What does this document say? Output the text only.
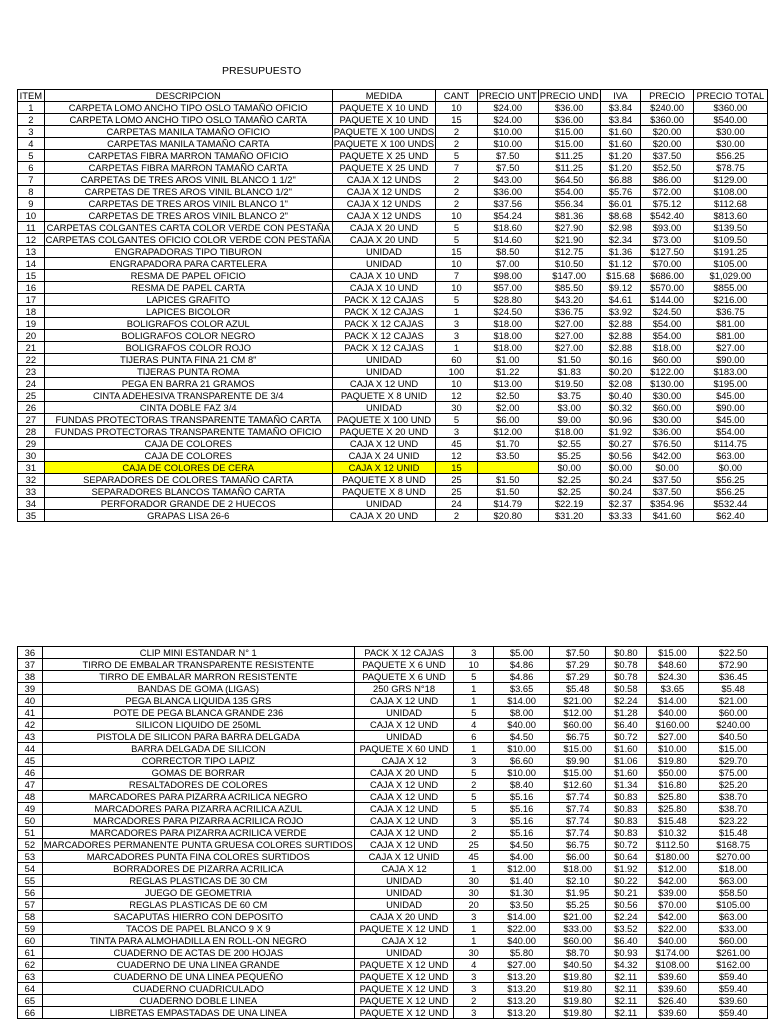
PRESUPUESTO
ITEM	DESCRIPCION	MEDIDA	CANT	PRECIO UNT	PRECIO UND	IVA	PRECIO	PRECIO TOTAL
1	CARPETA LOMO ANCHO TIPO OSLO TAMAÑO OFICIO	PAQUETE X 10 UND	10	$24.00	$36.00	$3.84	$240.00	$360.00
2	CARPETA LOMO ANCHO TIPO OSLO TAMAÑO CARTA	PAQUETE X 10 UND	15	$24.00	$36.00	$3.84	$360.00	$540.00
3	CARPETAS MANILA TAMAÑO OFICIO	PAQUETE X 100 UNDS	2	$10.00	$15.00	$1.60	$20.00	$30.00
4	CARPETAS MANILA TAMAÑO CARTA	PAQUETE X 100 UNDS	2	$10.00	$15.00	$1.60	$20.00	$30.00
5	CARPETAS FIBRA MARRON TAMAÑO OFICIO	PAQUETE X 25 UND	5	$7.50	$11.25	$1.20	$37.50	$56.25
6	CARPETAS FIBRA MARRON TAMAÑO CARTA	PAQUETE X 25 UND	7	$7.50	$11.25	$1.20	$52.50	$78.75
7	CARPETAS DE TRES AROS VINIL BLANCO 1 1/2"	CAJA X 12 UNDS	2	$43.00	$64.50	$6.88	$86.00	$129.00
8	CARPETAS DE TRES AROS VINIL BLANCO 1/2"	CAJA X 12 UNDS	2	$36.00	$54.00	$5.76	$72.00	$108.00
9	CARPETAS DE TRES AROS VINIL BLANCO 1"	CAJA X 12 UNDS	2	$37.56	$56.34	$6.01	$75.12	$112.68
10	CARPETAS DE TRES AROS VINIL BLANCO 2"	CAJA X 12 UNDS	10	$54.24	$81.36	$8.68	$542.40	$813.60
11	CARPETAS COLGANTES CARTA COLOR VERDE CON PESTAÑA	CAJA X 20 UND	5	$18.60	$27.90	$2.98	$93.00	$139.50
12	CARPETAS COLGANTES OFICIO COLOR VERDE CON PESTAÑA	CAJA X 20 UND	5	$14.60	$21.90	$2.34	$73.00	$109.50
13	ENGRAPADORAS TIPO TIBURON	UNIDAD	15	$8.50	$12.75	$1.36	$127.50	$191.25
14	ENGRAPADORA PARA CARTELERA	UNIDAD	10	$7.00	$10.50	$1.12	$70.00	$105.00
15	RESMA DE PAPEL OFICIO	CAJA X 10 UND	7	$98.00	$147.00	$15.68	$686.00	$1,029.00
16	RESMA DE PAPEL CARTA	CAJA X 10 UND	10	$57.00	$85.50	$9.12	$570.00	$855.00
17	LAPICES GRAFITO	PACK X 12 CAJAS	5	$28.80	$43.20	$4.61	$144.00	$216.00
18	LAPICES BICOLOR	PACK X 12 CAJAS	1	$24.50	$36.75	$3.92	$24.50	$36.75
19	BOLIGRAFOS COLOR AZUL	PACK X 12 CAJAS	3	$18.00	$27.00	$2.88	$54.00	$81.00
20	BOLIGRAFOS COLOR NEGRO	PACK X 12 CAJAS	3	$18.00	$27.00	$2.88	$54.00	$81.00
21	BOLIGRAFOS COLOR ROJO	PACK X 12 CAJAS	1	$18.00	$27.00	$2.88	$18.00	$27.00
22	TIJERAS PUNTA FINA 21 CM 8"	UNIDAD	60	$1.00	$1.50	$0.16	$60.00	$90.00
23	TIJERAS PUNTA ROMA	UNIDAD	100	$1.22	$1.83	$0.20	$122.00	$183.00
24	PEGA EN BARRA 21 GRAMOS	CAJA X 12 UND	10	$13.00	$19.50	$2.08	$130.00	$195.00
25	CINTA ADEHESIVA TRANSPARENTE DE 3/4	PAQUETE X 8 UNID	12	$2.50	$3.75	$0.40	$30.00	$45.00
26	CINTA DOBLE FAZ 3/4	UNIDAD	30	$2.00	$3.00	$0.32	$60.00	$90.00
27	FUNDAS PROTECTORAS TRANSPARENTE TAMAÑO CARTA	PAQUETE X 100 UND	5	$6.00	$9.00	$0.96	$30.00	$45.00
28	FUNDAS PROTECTORAS TRANSPARENTE TAMAÑO OFICIO	PAQUETE X 20 UND	3	$12.00	$18.00	$1.92	$36.00	$54.00
29	CAJA DE COLORES	CAJA X 12 UND	45	$1.70	$2.55	$0.27	$76.50	$114.75
30	CAJA DE COLORES	CAJA X 24 UNID	12	$3.50	$5.25	$0.56	$42.00	$63.00
31	CAJA DE COLORES DE CERA	CAJA X 12 UNID	15		$0.00	$0.00	$0.00	$0.00
32	SEPARADORES DE COLORES TAMAÑO CARTA	PAQUETE X 8 UND	25	$1.50	$2.25	$0.24	$37.50	$56.25
33	SEPARADORES BLANCOS TAMAÑO CARTA	PAQUETE X 8 UND	25	$1.50	$2.25	$0.24	$37.50	$56.25
34	PERFORADOR GRANDE DE 2 HUECOS	UNIDAD	24	$14.79	$22.19	$2.37	$354.96	$532.44
35	GRAPAS LISA 26-6	CAJA X 20 UND	2	$20.80	$31.20	$3.33	$41.60	$62.40
36	CLIP MINI ESTANDAR N° 1	PACK X 12 CAJAS	3	$5.00	$7.50	$0.80	$15.00	$22.50
37	TIRRO DE EMBALAR TRANSPARENTE RESISTENTE	PAQUETE X 6 UND	10	$4.86	$7.29	$0.78	$48.60	$72.90
38	TIRRO DE EMBALAR MARRON RESISTENTE	PAQUETE X 6 UND	5	$4.86	$7.29	$0.78	$24.30	$36.45
39	BANDAS DE GOMA (LIGAS)	250 GRS N°18	1	$3.65	$5.48	$0.58	$3.65	$5.48
40	PEGA BLANCA LIQUIDA 135 GRS	CAJA X 12 UND	1	$14.00	$21.00	$2.24	$14.00	$21.00
41	POTE DE PEGA BLANCA GRANDE 236	UNIDAD	5	$8.00	$12.00	$1.28	$40.00	$60.00
42	SILICON LIQUIDO DE 250ML	CAJA X 12 UND	4	$40.00	$60.00	$6.40	$160.00	$240.00
43	PISTOLA DE SILICON PARA BARRA DELGADA	UNIDAD	6	$4.50	$6.75	$0.72	$27.00	$40.50
44	BARRA DELGADA DE SILICON	PAQUETE X 60 UND	1	$10.00	$15.00	$1.60	$10.00	$15.00
45	CORRECTOR TIPO LAPIZ	CAJA X 12	3	$6.60	$9.90	$1.06	$19.80	$29.70
46	GOMAS DE BORRAR	CAJA X 20 UND	5	$10.00	$15.00	$1.60	$50.00	$75.00
47	RESALTADORES DE COLORES	CAJA X 12 UND	2	$8.40	$12.60	$1.34	$16.80	$25.20
48	MARCADORES PARA PIZARRA ACRILICA NEGRO	CAJA X 12 UND	5	$5.16	$7.74	$0.83	$25.80	$38.70
49	MARCADORES PARA PIZARRA ACRILICA AZUL	CAJA X 12 UND	5	$5.16	$7.74	$0.83	$25.80	$38.70
50	MARCADORES PARA PIZARRA ACRILICA ROJO	CAJA X 12 UND	3	$5.16	$7.74	$0.83	$15.48	$23.22
51	MARCADORES PARA PIZARRA ACRILICA VERDE	CAJA X 12 UND	2	$5.16	$7.74	$0.83	$10.32	$15.48
52	MARCADORES PERMANENTE PUNTA GRUESA COLORES SURTIDOS	CAJA X 12 UND	25	$4.50	$6.75	$0.72	$112.50	$168.75
53	MARCADORES PUNTA FINA COLORES SURTIDOS	CAJA X 12 UNID	45	$4.00	$6.00	$0.64	$180.00	$270.00
54	BORRADORES DE PIZARRA ACRILICA	CAJA X 12	1	$12.00	$18.00	$1.92	$12.00	$18.00
55	REGLAS PLASTICAS DE 30 CM	UNIDAD	30	$1.40	$2.10	$0.22	$42.00	$63.00
56	JUEGO DE GEOMETRIA	UNIDAD	30	$1.30	$1.95	$0.21	$39.00	$58.50
57	REGLAS PLASTICAS DE 60 CM	UNIDAD	20	$3.50	$5.25	$0.56	$70.00	$105.00
58	SACAPUTAS HIERRO CON DEPOSITO	CAJA X 20 UND	3	$14.00	$21.00	$2.24	$42.00	$63.00
59	TACOS DE PAPEL BLANCO 9 X 9	PAQUETE X 12 UND	1	$22.00	$33.00	$3.52	$22.00	$33.00
60	TINTA PARA ALMOHADILLA EN ROLL-ON NEGRO	CAJA X 12	1	$40.00	$60.00	$6.40	$40.00	$60.00
61	CUADERNO DE ACTAS DE 200 HOJAS	UNIDAD	30	$5.80	$8.70	$0.93	$174.00	$261.00
62	CUADERNO DE UNA LINEA GRANDE	PAQUETE X 12 UND	4	$27.00	$40.50	$4.32	$108.00	$162.00
63	CUADERNO DE UNA LINEA PEQUEÑO	PAQUETE X 12 UND	3	$13.20	$19.80	$2.11	$39.60	$59.40
64	CUADERNO CUADRICULADO	PAQUETE X 12 UND	3	$13.20	$19.80	$2.11	$39.60	$59.40
65	CUADERNO DOBLE LINEA	PAQUETE X 12 UND	2	$13.20	$19.80	$2.11	$26.40	$39.60
66	LIBRETAS EMPASTADAS DE UNA LINEA	PAQUETE X 12 UND	3	$13.20	$19.80	$2.11	$39.60	$59.40
